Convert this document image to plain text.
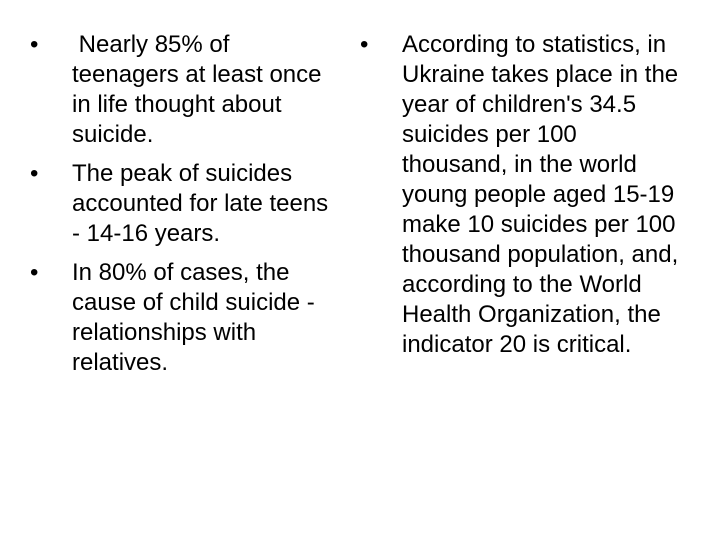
•	Nearly 85% of teenagers at least once in life thought about suicide.
•	The peak of suicides accounted for late teens - 14-16 years.
•	In 80% of cases, the cause of child suicide - relationships with relatives.
•	According to statistics, in Ukraine takes place in the year of children's 34.5 suicides per 100 thousand, in the world young people aged 15-19 make 10 suicides per 100 thousand population, and, according to the World Health Organization, the indicator 20 is critical.
